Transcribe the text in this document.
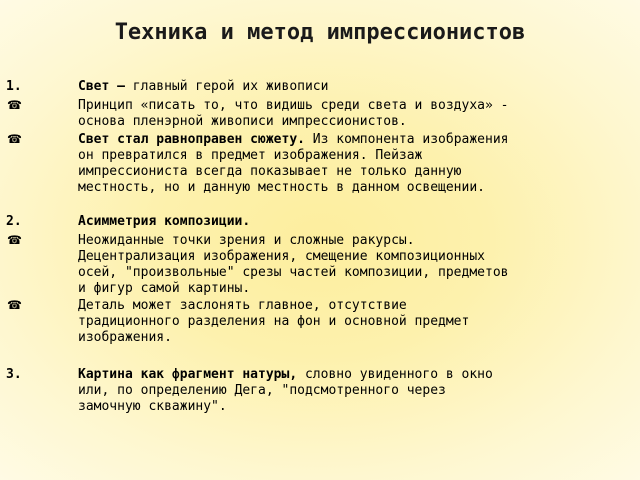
Техника и метод импрессионистов
1.	Свет – главный герой их живописи
☎	Принцип «писать то, что видишь среди света и воздуха» -
основа пленэрной живописи импрессионистов.
☎	Свет стал равноправен сюжету. Из компонента изображения
он превратился в предмет изображения. Пейзаж
импрессиониста всегда показывает не только данную
местность, но и данную местность в данном освещении.
2.	Асимметрия композиции.
☎	Неожиданные точки зрения и сложные ракурсы.
Децентрализация изображения, смещение композиционных
осей, "произвольные" срезы частей композиции, предметов
и фигур самой картины.
☎	Деталь может заслонять главное, отсутствие
традиционного разделения на фон и основной предмет
изображения.
3.	Картина как фрагмент натуры, словно увиденного в окно
или, по определению Дега, "подсмотренного через
замочную скважину".
